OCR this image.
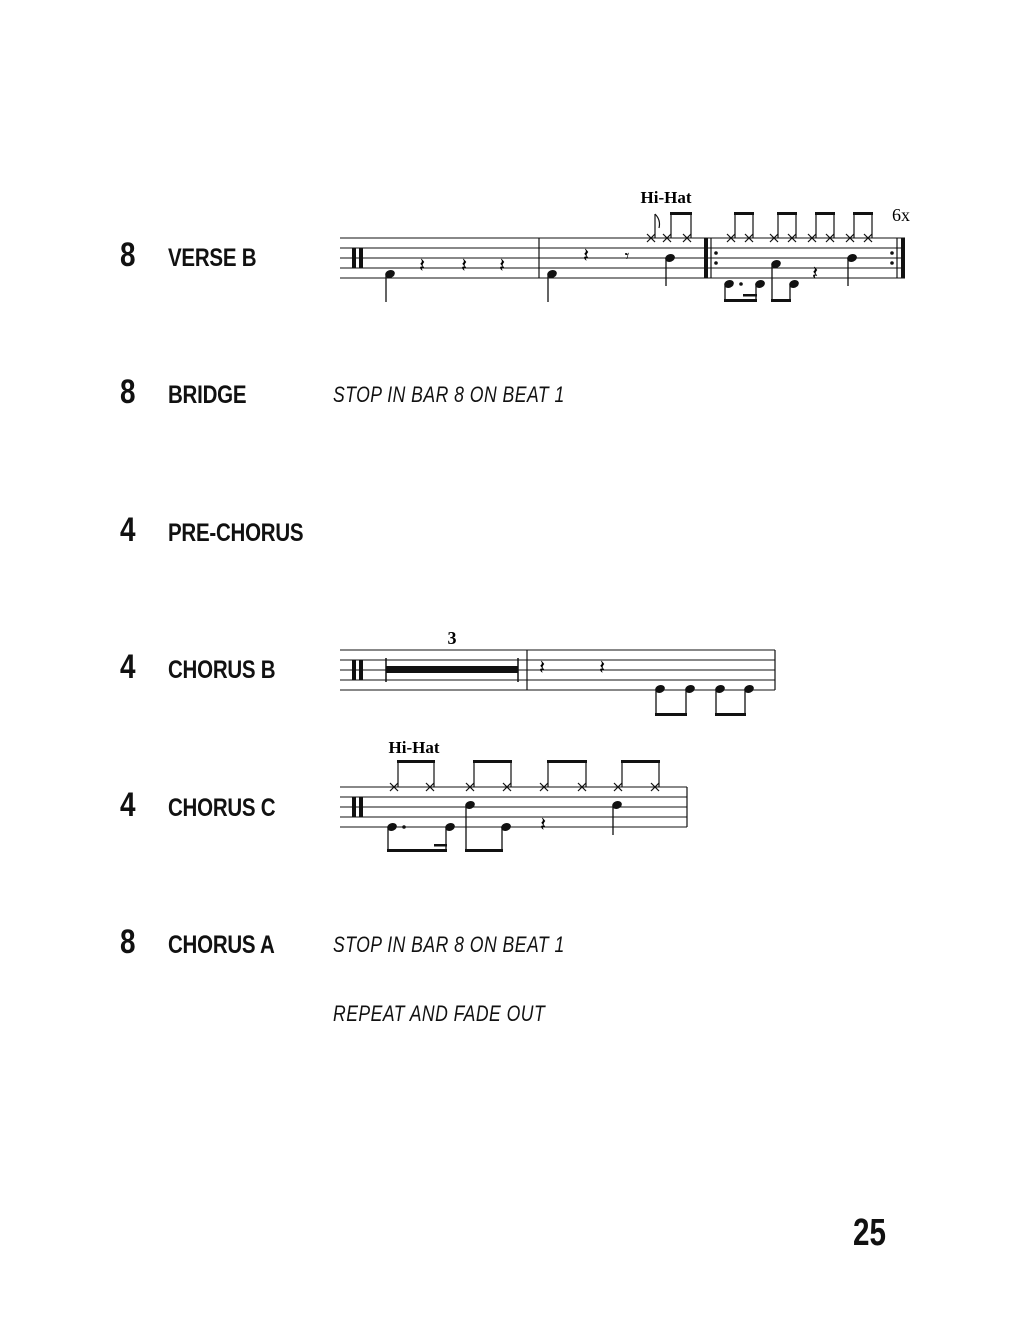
8 VERSE B	𝄽 𝄽 𝄽	𝄽 𝄾
Hi-Hat
𝄽
6x
8 BRIDGE	STOP IN BAR 8 ON BEAT 1
4 PRE-CHORUS
4 CHORUS B
3
𝄽	𝄽
4 CHORUS C
Hi-Hat
𝄽
8 CHORUS A	STOP IN BAR 8 ON BEAT 1
REPEAT AND FADE OUT
25
